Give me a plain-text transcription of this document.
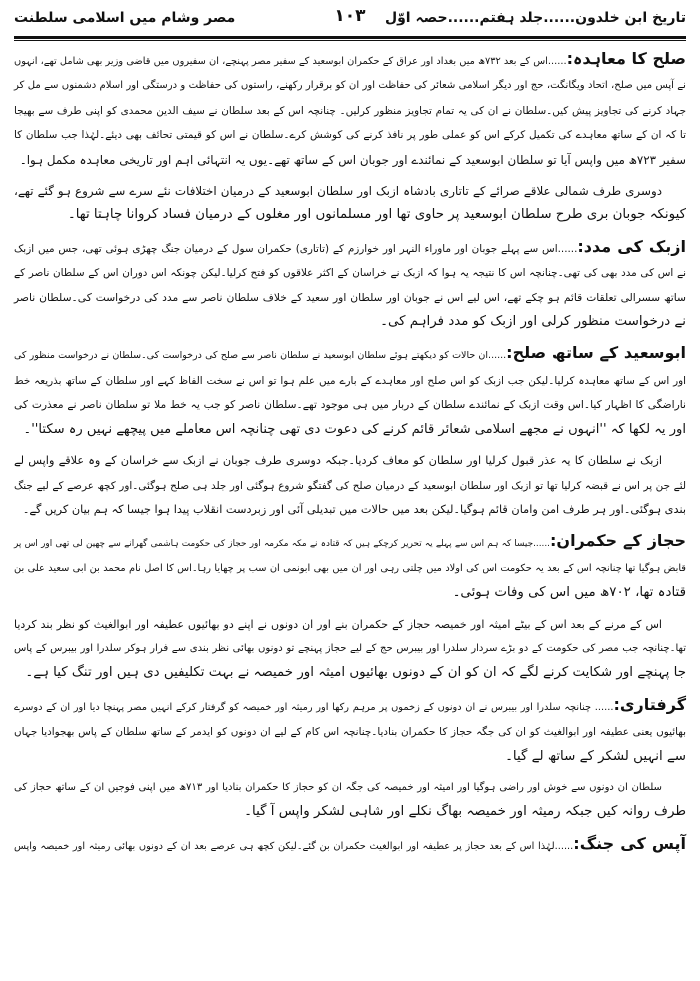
تاریخ ابن خلدون......جلد ہفتم......حصہ اوّل
۱۰۳
مصر وشام میں اسلامی سلطنت
صلح کا معاہدہ:......اس کے بعد ۷۳۲ھ میں بغداد اور عراق کے حکمران ابوسعید کے سفیر مصر پہنچے، ان سفیروں میں قاضی وزیر بھی شامل تھے، انہوں
نے آپس میں صلح، اتحاد ویگانگت، حج اور دیگر اسلامی شعائر کی حفاظت اور ان کو برقرار رکھنے، راستوں کی حفاظت و درستگی اور اسلام دشمنوں سے مل کر
جہاد کرنے کی تجاویز پیش کیں۔سلطان نے ان کی یہ تمام تجاویز منظور کرلیں۔ چنانچہ اس کے بعد سلطان نے سیف الدین محمدی کو اپنی طرف سے بھیجا
تا کہ ان کے ساتھ معاہدے کی تکمیل کرکے اس کو عملی طور پر نافذ کرنے کی کوشش کرے۔سلطان نے اس کو قیمتی تحائف بھی دیئے۔لہٰذا جب سلطان کا
سفیر ۷۲۳ھ میں واپس آیا تو سلطان ابوسعید کے نمائندے اور جوبان اس کے ساتھ تھے۔یوں یہ انتہائی اہم اور تاریخی معاہدہ مکمل ہوا۔
دوسری طرف شمالی علاقے صرائے کے تاتاری بادشاہ ازبک اور سلطان ابوسعید کے درمیان اختلافات نئے سرے سے شروع ہو گئے تھے،
کیونکہ جوبان بری طرح سلطان ابوسعید پر حاوی تھا اور مسلمانوں اور مغلوں کے درمیان فساد کروانا چاہتا تھا۔
ازبک کی مدد:......اس سے پہلے جوبان اور ماوراء النہر اور خوارزم کے (تاتاری) حکمران سول کے درمیان جنگ چھڑی ہوئی تھی، جس میں ازبک
نے اس کی مدد بھی کی تھی۔چنانچہ اس کا نتیجہ یہ ہوا کہ ازبک نے خراسان کے اکثر علاقوں کو فتح کرلیا۔لیکن چونکہ اس دوران اس کے سلطان ناصر کے
ساتھ سسرالی تعلقات قائم ہو چکے تھے، اس لیے اس نے جوبان اور سلطان اور سعید کے خلاف سلطان ناصر سے مدد کی درخواست کی۔سلطان ناصر
نے درخواست منظور کرلی اور ازبک کو مدد فراہم کی۔
ابوسعید کے ساتھ صلح:......ان حالات کو دیکھتے ہوئے سلطان ابوسعید نے سلطان ناصر سے صلح کی درخواست کی۔سلطان نے درخواست منظور کی
اور اس کے ساتھ معاہدہ کرلیا۔لیکن جب ازبک کو اس صلح اور معاہدے کے بارے میں علم ہوا تو اس نے سخت الفاظ کہے اور سلطان کے ساتھ بذریعہ خط
ناراضگی کا اظہار کیا۔اس وقت ازبک کے نمائندے سلطان کے دربار میں ہی موجود تھے۔سلطان ناصر کو جب یہ خط ملا تو سلطان ناصر نے معذرت کی
اور یہ لکھا کہ ''انہوں نے مجھے اسلامی شعائر قائم کرنے کی دعوت دی تھی چنانچہ اس معاملے میں پیچھے نہیں رہ سکتا''۔
ازبک نے سلطان کا یہ عذر قبول کرلیا اور سلطان کو معاف کردیا۔جبکہ دوسری طرف جوبان نے ازبک سے خراسان کے وہ علاقے واپس لے
لئے جن پر اس نے قبضہ کرلیا تھا تو ازبک اور سلطان ابوسعید کے درمیان صلح کی گفتگو شروع ہوگئی اور جلد ہی صلح ہوگئی۔اور کچھ عرصے کے لیے جنگ
بندی ہوگئی۔اور ہر طرف امن وامان قائم ہوگیا۔لیکن بعد میں حالات میں تبدیلی آئی اور زبردست انقلاب پیدا ہوا جیسا کہ ہم بیان کریں گے۔
حجاز کے حکمران:......جیسا کہ ہم اس سے پہلے یہ تحریر کرچکے ہیں کہ قتادہ نے مکہ مکرمہ اور حجاز کی حکومت ہاشمی گھرانے سے چھین لی تھی اور اس پر
قابض ہوگیا تھا چنانچہ اس کے بعد یہ حکومت اس کی اولاد میں چلتی رہی اور ان میں بھی ابونمی ان سب پر چھایا رہا۔اس کا اصل نام محمد بن ابی سعید علی بن
قتادہ تھا، ۷۰۲ھ میں اس کی وفات ہوئی۔
اس کے مرنے کے بعد اس کے بیٹے امیثہ اور خمیصہ حجاز کے حکمران بنے اور ان دونوں نے اپنے دو بھائیوں عطیفہ اور ابوالغیث کو نظر بند کردیا
تھا۔چنانچہ جب مصر کی حکومت کے دو بڑے سردار سلدرا اور بیبرس حج کے لیے حجاز پہنچے تو دونوں بھائی نظر بندی سے فرار ہوکر سلدرا اور بیبرس کے پاس
جا پہنچے اور شکایت کرنے لگے کہ ان کو ان کے دونوں بھائیوں امیثہ اور خمیصہ نے بہت تکلیفیں دی ہیں اور تنگ کیا ہے۔
گرفتاری:...... چنانچہ سلدرا اور بیبرس نے ان دونوں کے زخموں پر مرہم رکھا اور رمیثہ اور خمیصہ کو گرفتار کرکے انہیں مصر پہنچا دیا اور ان کے دوسرے
بھائیوں یعنی عطیفہ اور ابوالغیث کو ان کی جگہ حجاز کا حکمران بنادیا۔چنانچہ اس کام کے لیے ان دونوں کو ایدمر کے ساتھ سلطان کے پاس بھجوادیا جہاں
سے انہیں لشکر کے ساتھ لے گیا۔
سلطان ان دونوں سے خوش اور راضی ہوگیا اور امیثہ اور خمیصہ کی جگہ ان کو حجاز کا حکمران بنادیا اور ۷۱۳ھ میں اپنی فوجیں ان کے ساتھ حجاز کی
طرف روانہ کیں جبکہ رمیثہ اور خمیصہ بھاگ نکلے اور شاہی لشکر واپس آ گیا۔
آپس کی جنگ:......لہٰذا اس کے بعد حجاز پر عطیفہ اور ابوالغیث حکمران بن گئے۔لیکن کچھ ہی عرصے بعد ان کے دونوں بھائی رمیثہ اور خمیصہ واپس
